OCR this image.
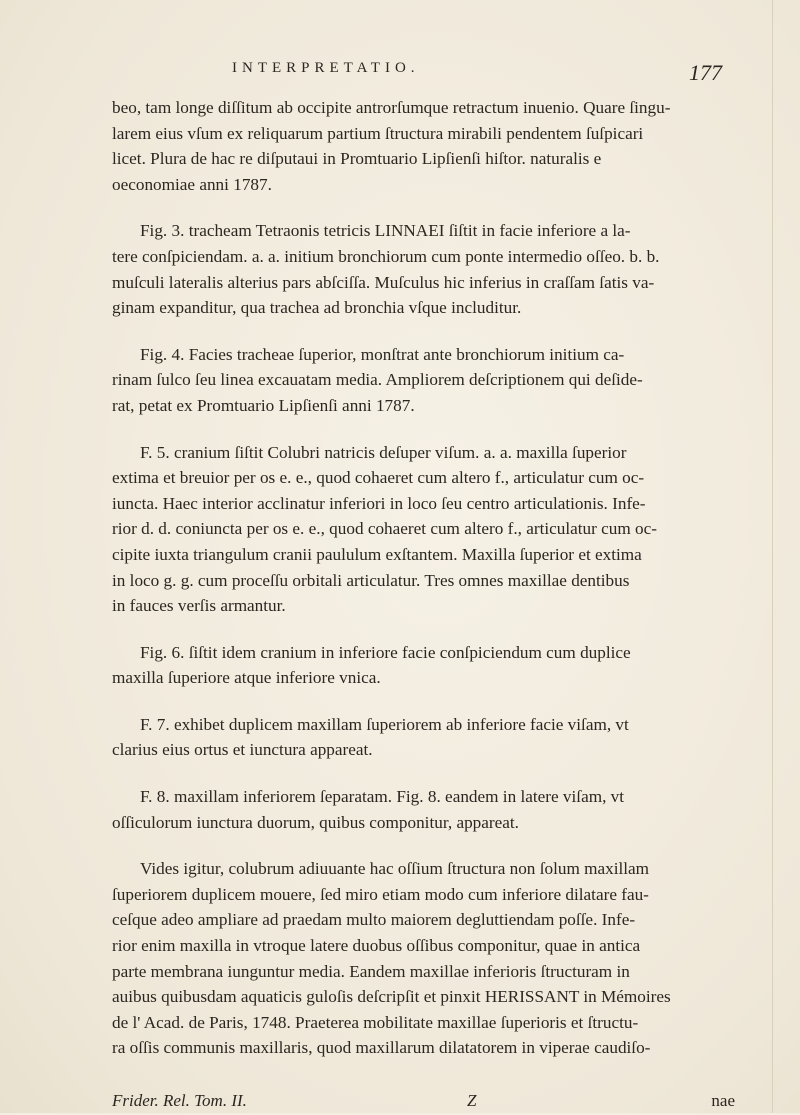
INTERPRETATIO.	177

beo, tam longe diſſitum ab occipite antrorſumque retractum inuenio. Quare ſingu-
larem eius vſum ex reliquarum partium ſtructura mirabili pendentem ſuſpicari
licet. Plura de hac re diſputaui in Promtuario Lipſienſi hiſtor. naturalis e
oeconomiae anni 1787.

Fig. 3. tracheam Tetraonis tetricis LINNAEI ſiſtit in facie inferiore a la-
tere conſpiciendam. a. a. initium bronchiorum cum ponte intermedio oſſeo. b. b.
muſculi lateralis alterius pars abſciſſa. Muſculus hic inferius in craſſam ſatis va-
ginam expanditur, qua trachea ad bronchia vſque includitur.

Fig. 4. Facies tracheae ſuperior, monſtrat ante bronchiorum initium ca-
rinam ſulco ſeu linea excauatam media. Ampliorem deſcriptionem qui deſide-
rat, petat ex Promtuario Lipſienſi anni 1787.

F. 5. cranium ſiſtit Colubri natricis deſuper viſum. a. a. maxilla ſuperior
extima et breuior per os e. e., quod cohaeret cum altero f., articulatur cum oc-
iuncta. Haec interior acclinatur inferiori in loco ſeu centro articulationis. Infe-
rior d. d. coniuncta per os e. e., quod cohaeret cum altero f., articulatur cum oc-
cipite iuxta triangulum cranii paululum exſtantem. Maxilla ſuperior et extima
in loco g. g. cum proceſſu orbitali articulatur. Tres omnes maxillae dentibus
in fauces verſis armantur.

Fig. 6. ſiſtit idem cranium in inferiore facie conſpiciendum cum duplice
maxilla ſuperiore atque inferiore vnica.

F. 7. exhibet duplicem maxillam ſuperiorem ab inferiore facie viſam, vt
clarius eius ortus et iunctura appareat.

F. 8. maxillam inferiorem ſeparatam. Fig. 8. eandem in latere viſam, vt
oſſiculorum iunctura duorum, quibus componitur, appareat.

Vides igitur, colubrum adiuuante hac oſſium ſtructura non ſolum maxillam
ſuperiorem duplicem mouere, ſed miro etiam modo cum inferiore dilatare fau-
ceſque adeo ampliare ad praedam multo maiorem degluttiendam poſſe. Infe-
rior enim maxilla in vtroque latere duobus oſſibus componitur, quae in antica
parte membrana iunguntur media. Eandem maxillae inferioris ſtructuram in
auibus quibusdam aquaticis guloſis deſcripſit et pinxit HERISSANT in Mémoires
de l' Acad. de Paris, 1748. Praeterea mobilitate maxillae ſuperioris et ſtructu-
ra oſſis communis maxillaris, quod maxillarum dilatatorem in viperae caudiſo-

Frider. Rel. Tom. II.	Z	nae
